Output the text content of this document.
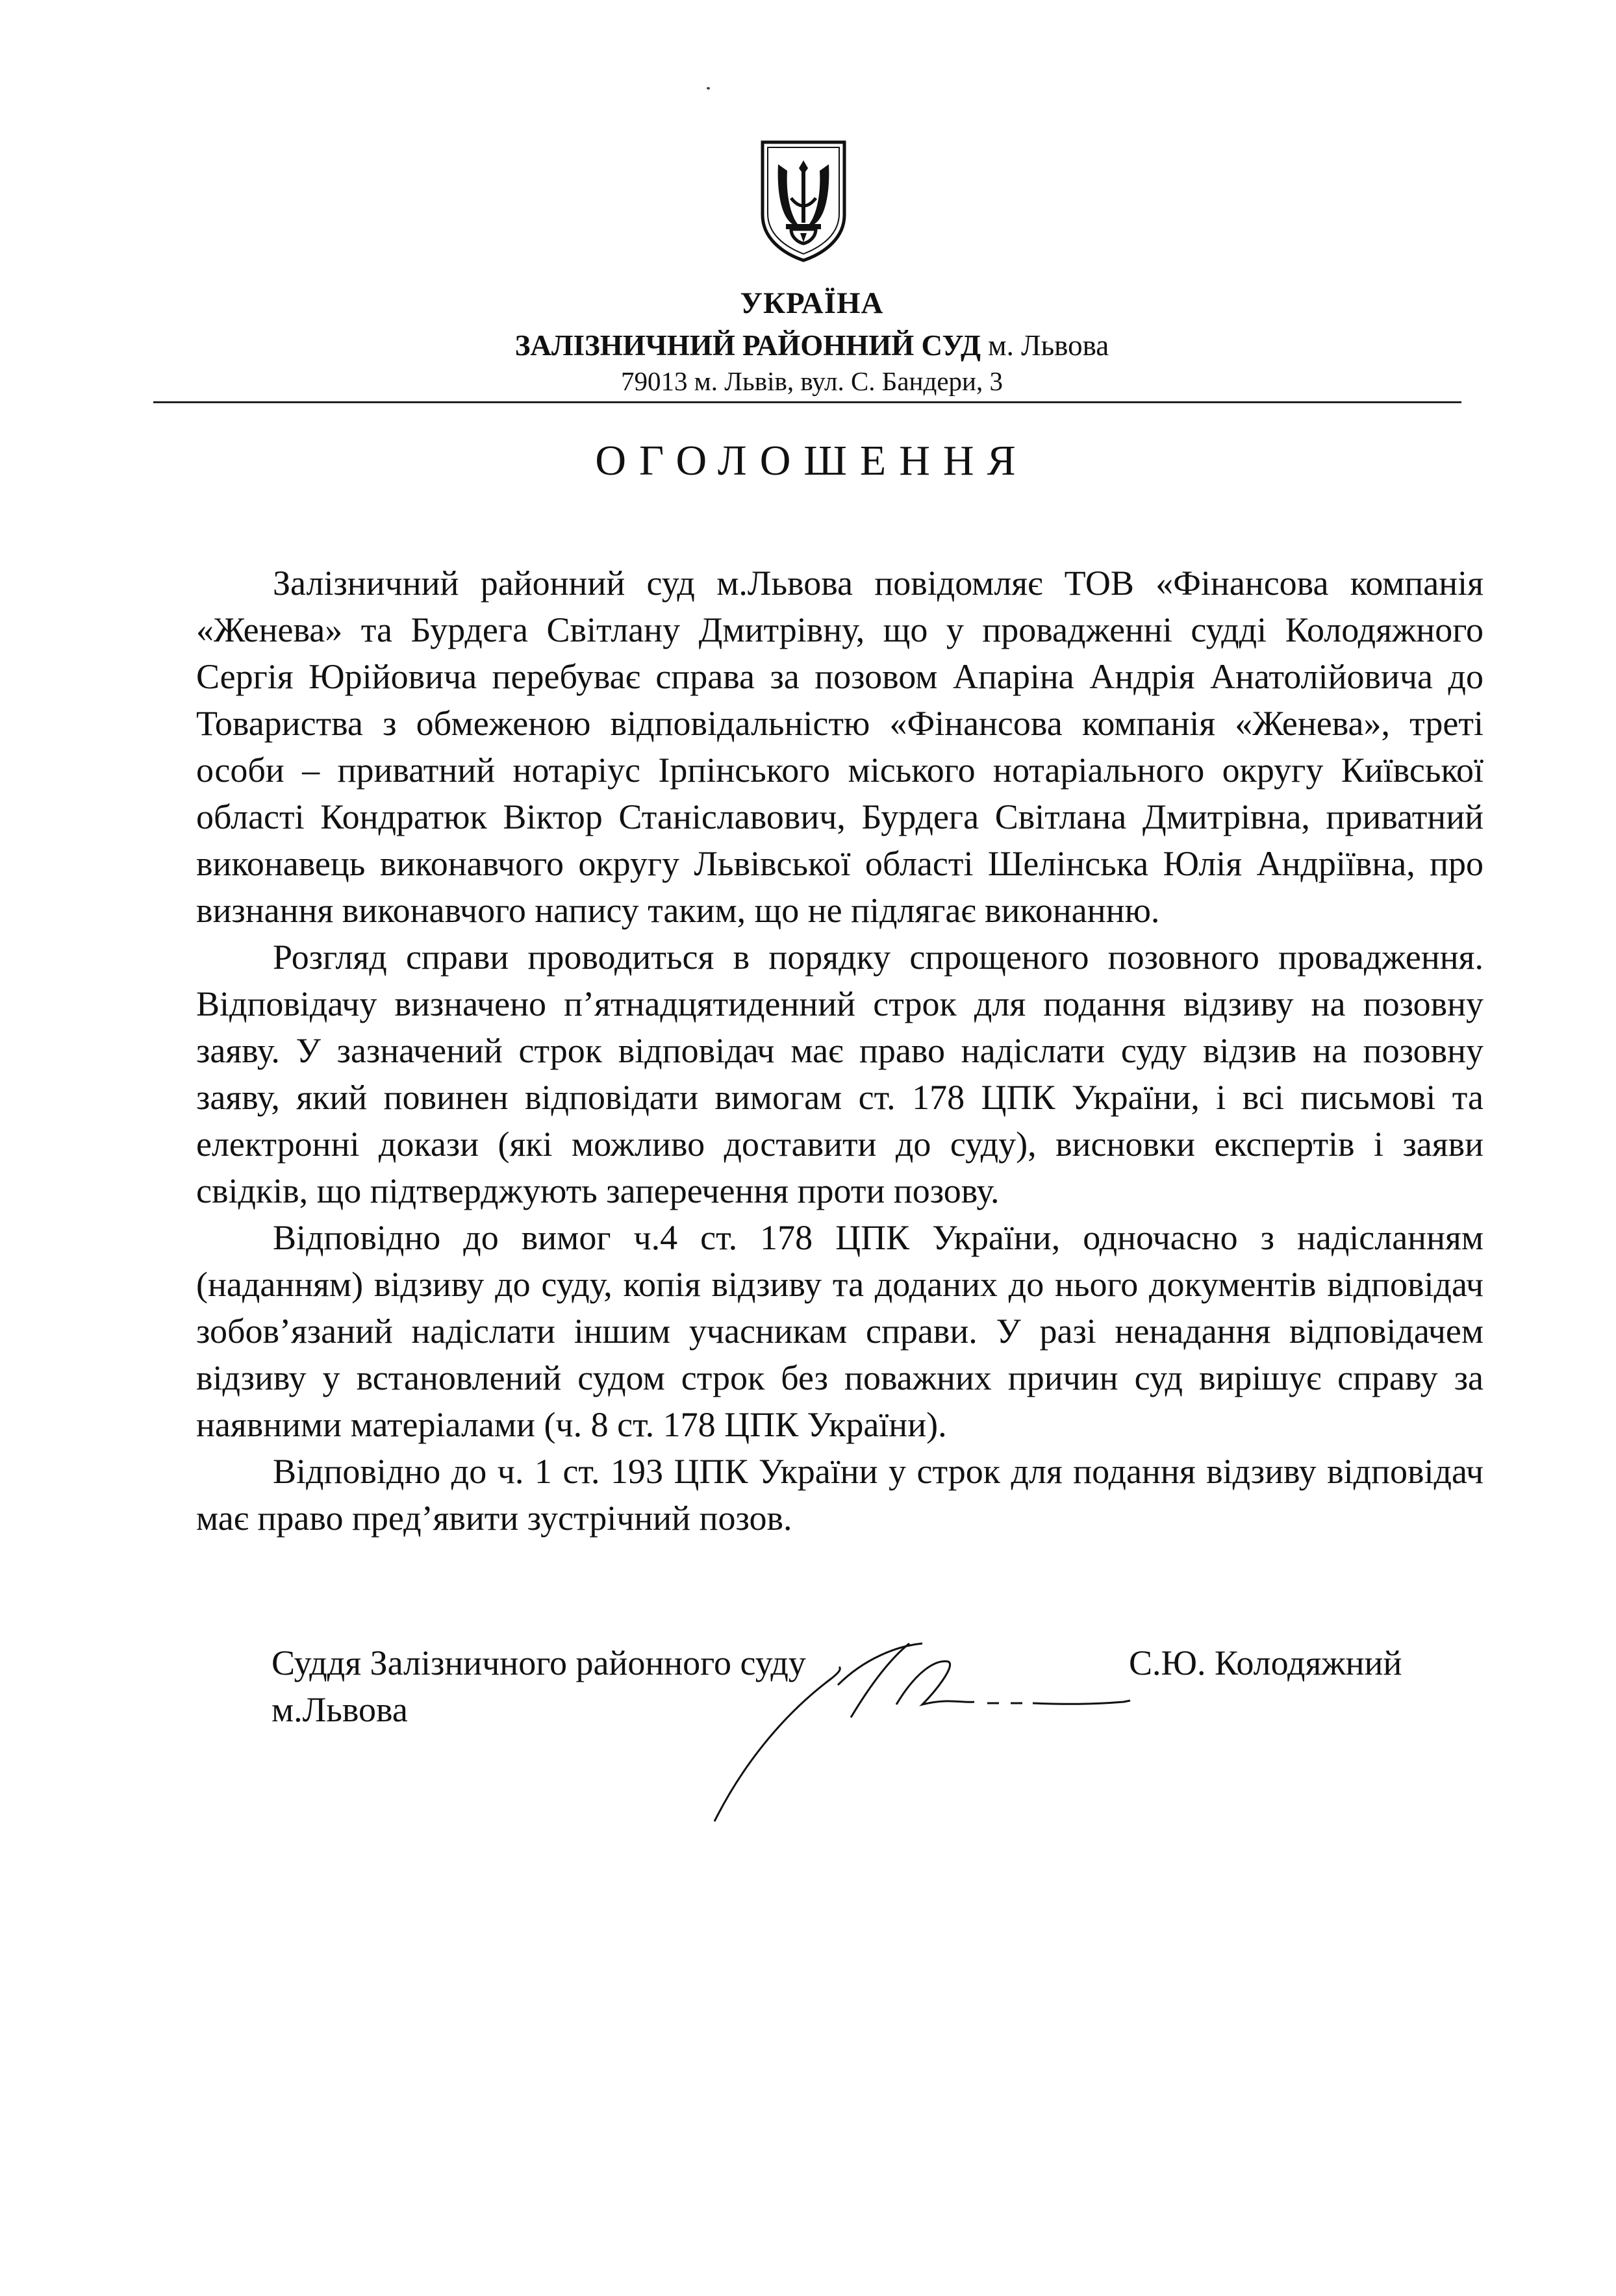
УКРАЇНА
ЗАЛІЗНИЧНИЙ РАЙОННИЙ СУД м. Львова
79013 м. Львів, вул. С. Бандери, 3
ОГОЛОШЕННЯ

Залізничний районний суд м.Львова повідомляє ТОВ «Фінансова компанія «Женева» та Бурдега Світлану Дмитрівну, що у провадженні судді Колодяжного Сергія Юрійовича перебуває справа за позовом Апаріна Андрія Анатолійовича до Товариства з обмеженою відповідальністю «Фінансова компанія «Женева», треті особи – приватний нотаріус Ірпінського міського нотаріального округу Київської області Кондратюк Віктор Станіславович, Бурдега Світлана Дмитрівна, приватний виконавець виконавчого округу Львівської області Шелінська Юлія Андріївна, про визнання виконавчого напису таким, що не підлягає виконанню.

Розгляд справи проводиться в порядку спрощеного позовного провадження. Відповідачу визначено п’ятнадцятиденний строк для подання відзиву на позовну заяву. У зазначений строк відповідач має право надіслати суду відзив на позовну заяву, який повинен відповідати вимогам ст. 178 ЦПК України, і всі письмові та електронні докази (які можливо доставити до суду), висновки експертів і заяви свідків, що підтверджують заперечення проти позову.

Відповідно до вимог ч.4 ст. 178 ЦПК України, одночасно з надісланням (наданням) відзиву до суду, копія відзиву та доданих до нього документів відповідач зобов’язаний надіслати іншим учасникам справи. У разі ненадання відповідачем відзиву у встановлений судом строк без поважних причин суд вирішує справу за наявними матеріалами (ч. 8 ст. 178 ЦПК України).

Відповідно до ч. 1 ст. 193 ЦПК України у строк для подання відзиву відповідач має право пред’явити зустрічний позов.

Суддя Залізничного районного суду
м.Львова
С.Ю. Колодяжний
